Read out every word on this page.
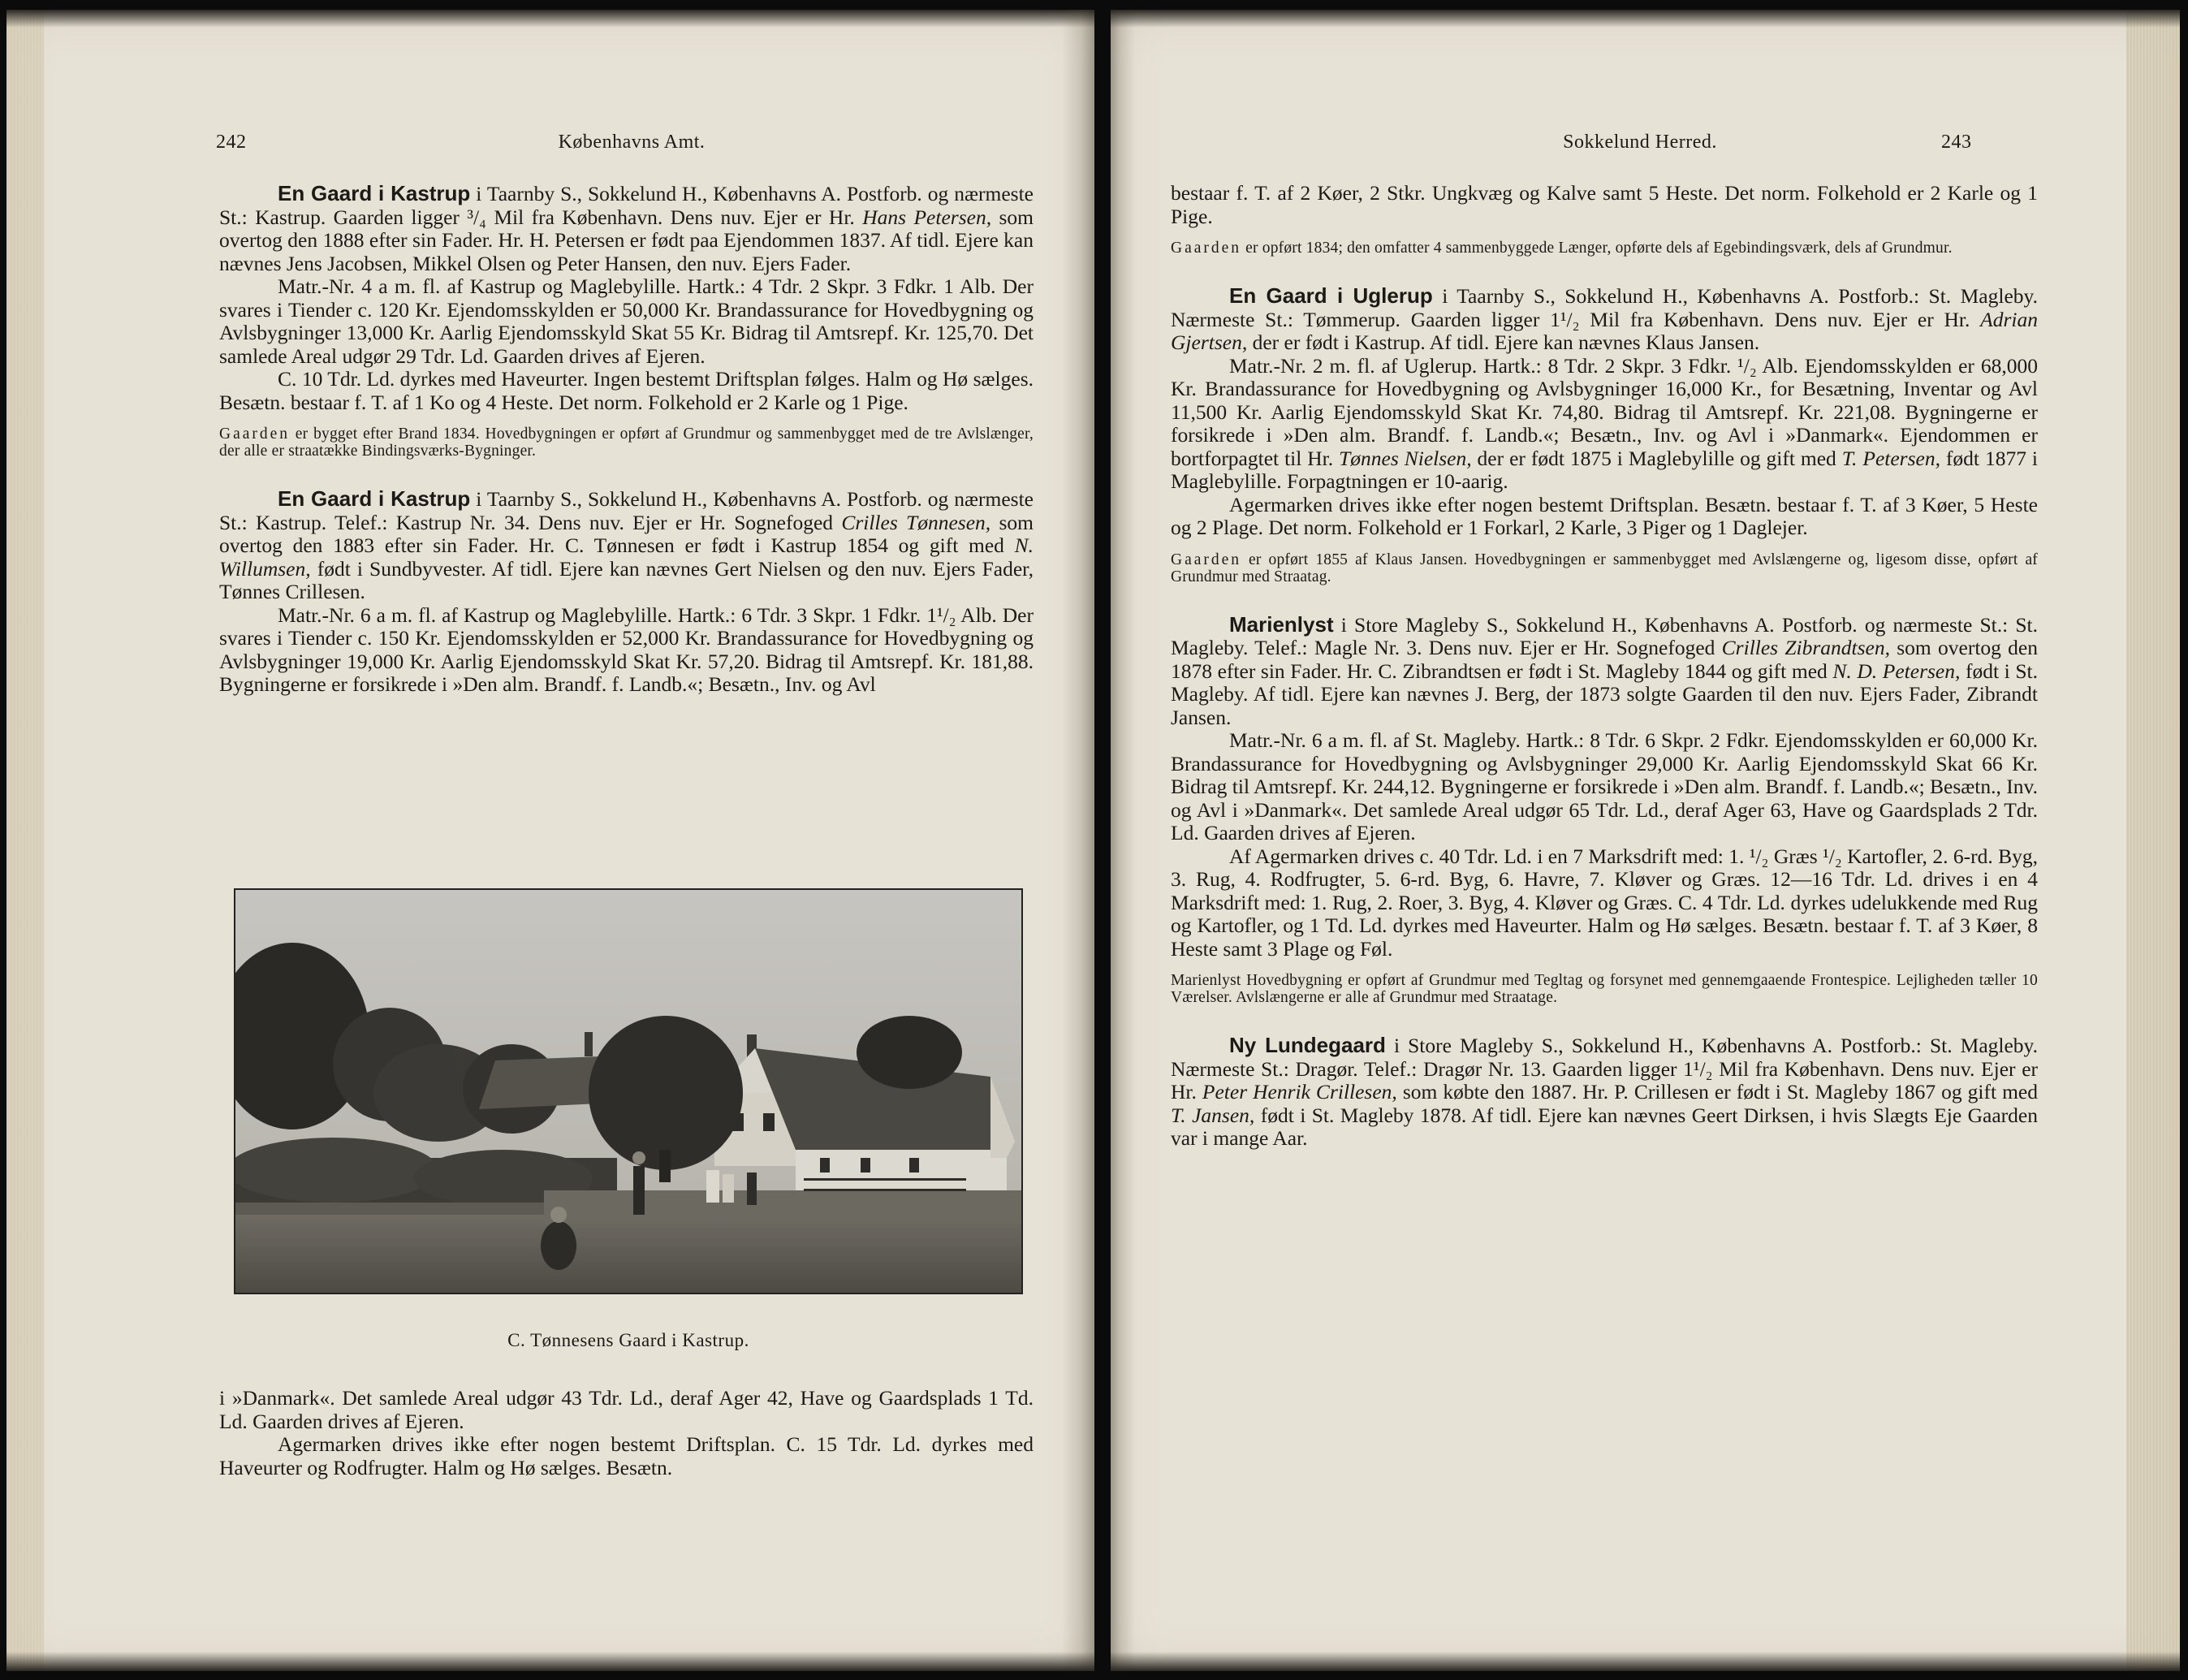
242	Københavns Amt.

En Gaard i Kastrup i Taarnby S., Sokkelund H., Københavns A. Postforb. og nærmeste St.: Kastrup. Gaarden ligger ³/₄ Mil fra København. Dens nuv. Ejer er Hr. Hans Petersen, som overtog den 1888 efter sin Fader. Hr. H. Petersen er født paa Ejendommen 1837. Af tidl. Ejere kan nævnes Jens Jacobsen, Mikkel Olsen og Peter Hansen, den nuv. Ejers Fader.

Matr.-Nr. 4 a m. fl. af Kastrup og Maglebylille. Hartk.: 4 Tdr. 2 Skpr. 3 Fdkr. 1 Alb. Der svares i Tiender c. 120 Kr. Ejendomsskylden er 50,000 Kr. Brandassurance for Hovedbygning og Avlsbygninger 13,000 Kr. Aarlig Ejendomsskyld Skat 55 Kr. Bidrag til Amtsrepf. Kr. 125,70. Det samlede Areal udgør 29 Tdr. Ld. Gaarden drives af Ejeren.

C. 10 Tdr. Ld. dyrkes med Haveurter. Ingen bestemt Driftsplan følges. Halm og Hø sælges. Besætn. bestaar f. T. af 1 Ko og 4 Heste. Det norm. Folkehold er 2 Karle og 1 Pige.

Gaarden er bygget efter Brand 1834. Hovedbygningen er opført af Grundmur og sammenbygget med de tre Avlslænger, der alle er straatække Bindingsværks-Bygninger.

En Gaard i Kastrup i Taarnby S., Sokkelund H., Københavns A. Postforb. og nærmeste St.: Kastrup. Telef.: Kastrup Nr. 34. Dens nuv. Ejer er Hr. Sognefoged Crilles Tønnesen, som overtog den 1883 efter sin Fader. Hr. C. Tønnesen er født i Kastrup 1854 og gift med N. Willumsen, født i Sundbyvester. Af tidl. Ejere kan nævnes Gert Nielsen og den nuv. Ejers Fader, Tønnes Crillesen.

Matr.-Nr. 6 a m. fl. af Kastrup og Maglebylille. Hartk.: 6 Tdr. 3 Skpr. 1 Fdkr. 1¹/₂ Alb. Der svares i Tiender c. 150 Kr. Ejendomsskylden er 52,000 Kr. Brandassurance for Hovedbygning og Avlsbygninger 19,000 Kr. Aarlig Ejendomsskyld Skat Kr. 57,20. Bidrag til Amtsrepf. Kr. 181,88. Bygningerne er forsikrede i »Den alm. Brandf. f. Landb.«; Besætn., Inv. og Avl

C. Tønnesens Gaard i Kastrup.

i »Danmark«. Det samlede Areal udgør 43 Tdr. Ld., deraf Ager 42, Have og Gaardsplads 1 Td. Ld. Gaarden drives af Ejeren.

Agermarken drives ikke efter nogen bestemt Driftsplan. C. 15 Tdr. Ld. dyrkes med Haveurter og Rodfrugter. Halm og Hø sælges. Besætn.

Sokkelund Herred.	243

bestaar f. T. af 2 Køer, 2 Stkr. Ungkvæg og Kalve samt 5 Heste. Det norm. Folkehold er 2 Karle og 1 Pige.

Gaarden er opført 1834; den omfatter 4 sammenbyggede Længer, opførte dels af Egebindingsværk, dels af Grundmur.

En Gaard i Uglerup i Taarnby S., Sokkelund H., Københavns A. Postforb.: St. Magleby. Nærmeste St.: Tømmerup. Gaarden ligger 1¹/₂ Mil fra København. Dens nuv. Ejer er Hr. Adrian Gjertsen, der er født i Kastrup. Af tidl. Ejere kan nævnes Klaus Jansen.

Matr.-Nr. 2 m. fl. af Uglerup. Hartk.: 8 Tdr. 2 Skpr. 3 Fdkr. ¹/₂ Alb. Ejendomsskylden er 68,000 Kr. Brandassurance for Hovedbygning og Avlsbygninger 16,000 Kr., for Besætning, Inventar og Avl 11,500 Kr. Aarlig Ejendomsskyld Skat Kr. 74,80. Bidrag til Amtsrepf. Kr. 221,08. Bygningerne er forsikrede i »Den alm. Brandf. f. Landb.«; Besætn., Inv. og Avl i »Danmark«. Ejendommen er bortforpagtet til Hr. Tønnes Nielsen, der er født 1875 i Maglebylille og gift med T. Petersen, født 1877 i Maglebylille. Forpagtningen er 10-aarig.

Agermarken drives ikke efter nogen bestemt Driftsplan. Besætn. bestaar f. T. af 3 Køer, 5 Heste og 2 Plage. Det norm. Folkehold er 1 Forkarl, 2 Karle, 3 Piger og 1 Daglejer.

Gaarden er opført 1855 af Klaus Jansen. Hovedbygningen er sammenbygget med Avlslængerne og, ligesom disse, opført af Grundmur med Straatag.

Marienlyst i Store Magleby S., Sokkelund H., Københavns A. Postforb. og nærmeste St.: St. Magleby. Telef.: Magle Nr. 3. Dens nuv. Ejer er Hr. Sognefoged Crilles Zibrandtsen, som overtog den 1878 efter sin Fader. Hr. C. Zibrandtsen er født i St. Magleby 1844 og gift med N. D. Petersen, født i St. Magleby. Af tidl. Ejere kan nævnes J. Berg, der 1873 solgte Gaarden til den nuv. Ejers Fader, Zibrandt Jansen.

Matr.-Nr. 6 a m. fl. af St. Magleby. Hartk.: 8 Tdr. 6 Skpr. 2 Fdkr. Ejendomsskylden er 60,000 Kr. Brandassurance for Hovedbygning og Avlsbygninger 29,000 Kr. Aarlig Ejendomsskyld Skat 66 Kr. Bidrag til Amtsrepf. Kr. 244,12. Bygningerne er forsikrede i »Den alm. Brandf. f. Landb.«; Besætn., Inv. og Avl i »Danmark«. Det samlede Areal udgør 65 Tdr. Ld., deraf Ager 63, Have og Gaardsplads 2 Tdr. Ld. Gaarden drives af Ejeren.

Af Agermarken drives c. 40 Tdr. Ld. i en 7 Marksdrift med: 1. ¹/₂ Græs ¹/₂ Kartofler, 2. 6-rd. Byg, 3. Rug, 4. Rodfrugter, 5. 6-rd. Byg, 6. Havre, 7. Kløver og Græs. 12—16 Tdr. Ld. drives i en 4 Marksdrift med: 1. Rug, 2. Roer, 3. Byg, 4. Kløver og Græs. C. 4 Tdr. Ld. dyrkes udelukkende med Rug og Kartofler, og 1 Td. Ld. dyrkes med Haveurter. Halm og Hø sælges. Besætn. bestaar f. T. af 3 Køer, 8 Heste samt 3 Plage og Føl.

Marienlyst Hovedbygning er opført af Grundmur med Tegltag og forsynet med gennemgaaende Frontespice. Lejligheden tæller 10 Værelser. Avlslængerne er alle af Grundmur med Straatage.

Ny Lundegaard i Store Magleby S., Sokkelund H., Københavns A. Postforb.: St. Magleby. Nærmeste St.: Dragør. Telef.: Dragør Nr. 13. Gaarden ligger 1¹/₂ Mil fra København. Dens nuv. Ejer er Hr. Peter Henrik Crillesen, som købte den 1887. Hr. P. Crillesen er født i St. Magleby 1867 og gift med T. Jansen, født i St. Magleby 1878. Af tidl. Ejere kan nævnes Geert Dirksen, i hvis Slægts Eje Gaarden var i mange Aar.
